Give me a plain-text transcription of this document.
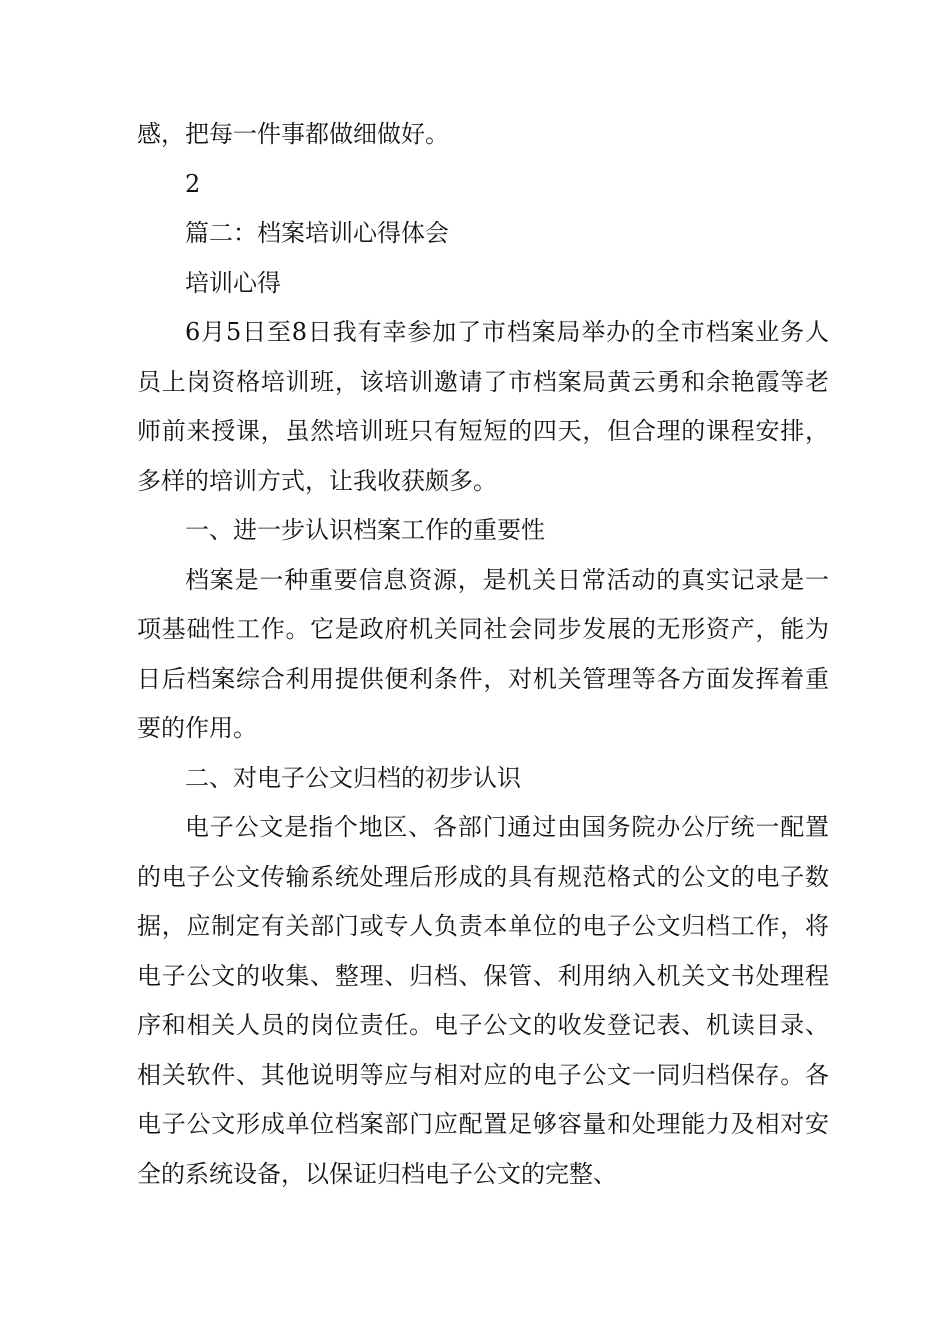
感，把每一件事都做细做好。

2

篇二：档案培训心得体会

培训心得

6月5日至8日我有幸参加了市档案局举办的全市档案业务人员上岗资格培训班，该培训邀请了市档案局黄云勇和余艳霞等老师前来授课，虽然培训班只有短短的四天，但合理的课程安排，多样的培训方式，让我收获颇多。

一、进一步认识档案工作的重要性

档案是一种重要信息资源，是机关日常活动的真实记录是一项基础性工作。它是政府机关同社会同步发展的无形资产，能为日后档案综合利用提供便利条件，对机关管理等各方面发挥着重要的作用。

二、对电子公文归档的初步认识

电子公文是指个地区、各部门通过由国务院办公厅统一配置的电子公文传输系统处理后形成的具有规范格式的公文的电子数据，应制定有关部门或专人负责本单位的电子公文归档工作，将电子公文的收集、整理、归档、保管、利用纳入机关文书处理程序和相关人员的岗位责任。电子公文的收发登记表、机读目录、相关软件、其他说明等应与相对应的电子公文一同归档保存。各电子公文形成单位档案部门应配置足够容量和处理能力及相对安全的系统设备，以保证归档电子公文的完整、
